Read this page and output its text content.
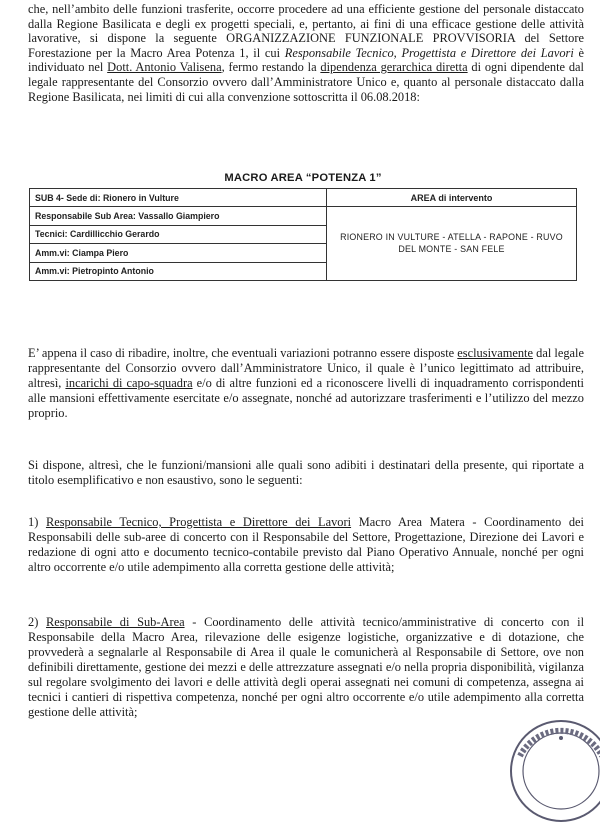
che, nell’ambito delle funzioni trasferite, occorre procedere ad una efficiente gestione del personale distaccato dalla Regione Basilicata e degli ex progetti speciali, e, pertanto, ai fini di una efficace gestione delle attività lavorative, si dispone la seguente ORGANIZZAZIONE FUNZIONALE PROVVISORIA del Settore Forestazione per la Macro Area Potenza 1, il cui Responsabile Tecnico, Progettista e Direttore dei Lavori è individuato nel Dott. Antonio Valisena, fermo restando la dipendenza gerarchica diretta di ogni dipendente dal legale rappresentante del Consorzio ovvero dall’Amministratore Unico e, quanto al personale distaccato dalla Regione Basilicata, nei limiti di cui alla convenzione sottoscritta il 06.08.2018:

MACRO AREA “POTENZA 1”
SUB 4- Sede di: Rionero in Vulture	AREA di intervento
Responsabile Sub Area: Vassallo Giampiero	RIONERO IN VULTURE - ATELLA - RAPONE - RUVO DEL MONTE - SAN FELE
Tecnici: Cardillicchio Gerardo	
Amm.vi: Ciampa Piero	
Amm.vi: Pietropinto Antonio	

E’ appena il caso di ribadire, inoltre, che eventuali variazioni potranno essere disposte esclusivamente dal legale rappresentante del Consorzio ovvero dall’Amministratore Unico, il quale è l’unico legittimato ad attribuire, altresì, incarichi di capo-squadra e/o di altre funzioni ed a riconoscere livelli di inquadramento corrispondenti alle mansioni effettivamente esercitate e/o assegnate, nonché ad autorizzare trasferimenti e l’utilizzo del mezzo proprio.

Si dispone, altresì, che le funzioni/mansioni alle quali sono adibiti i destinatari della presente, qui riportate a titolo esemplificativo e non esaustivo, sono le seguenti:

1) Responsabile Tecnico, Progettista e Direttore dei Lavori Macro Area Matera - Coordinamento dei Responsabili delle sub-aree di concerto con il Responsabile del Settore, Progettazione, Direzione dei Lavori e redazione di ogni atto e documento tecnico-contabile previsto dal Piano Operativo Annuale, nonché per ogni altro occorrente e/o utile adempimento alla corretta gestione delle attività;

2) Responsabile di Sub-Area - Coordinamento delle attività tecnico/amministrative di concerto con il Responsabile della Macro Area, rilevazione delle esigenze logistiche, organizzative e di dotazione, che provvederà a segnalarle al Responsabile di Area il quale le comunicherà al Responsabile di Settore, ove non definibili direttamente, gestione dei mezzi e delle attrezzature assegnati e/o nella propria disponibilità, vigilanza sul regolare svolgimento dei lavori e delle attività degli operai assegnati nei comuni di competenza, assegna ai tecnici i cantieri di rispettiva competenza, nonché per ogni altro occorrente e/o utile adempimento alla corretta gestione delle attività;
